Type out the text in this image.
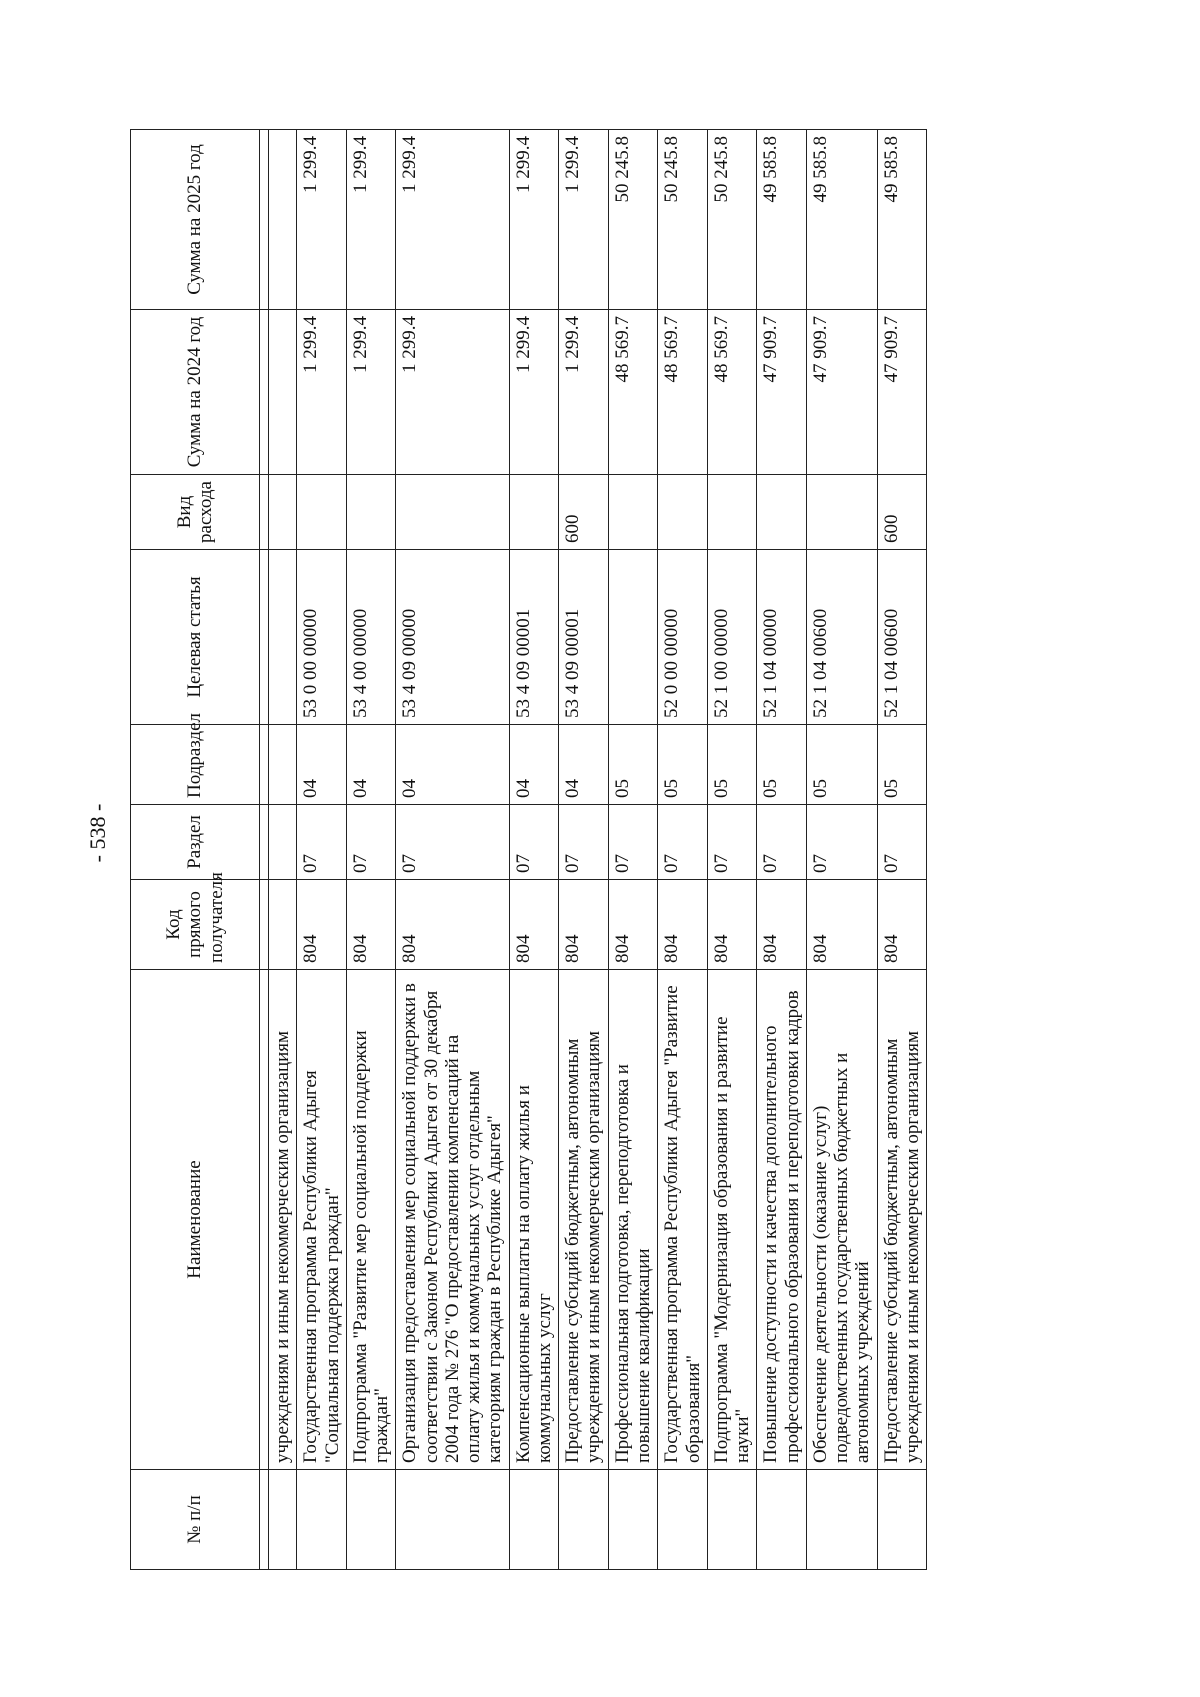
- 538 -
№ п/п	Наименование	Код прямого получателя	Раздел	Подраздел	Целевая статья	Вид расхода	Сумма на 2024 год	Сумма на 2025 год

	учреждениям и иным некоммерческим организациям							
	Государственная программа Республики Адыгея "Социальная поддержка граждан"	804	07	04	53 0 00 00000		1 299.4	1 299.4
	Подпрограмма "Развитие мер социальной поддержки граждан"	804	07	04	53 4 00 00000		1 299.4	1 299.4
	Организация предоставления мер социальной поддержки в соответствии с Законом Республики Адыгея от 30 декабря 2004 года № 276 "О предоставлении компенсаций на оплату жилья и коммунальных услуг отдельным категориям граждан в Республике Адыгея"	804	07	04	53 4 09 00000		1 299.4	1 299.4
	Компенсационные выплаты на оплату жилья и коммунальных услуг	804	07	04	53 4 09 00001		1 299.4	1 299.4
	Предоставление субсидий бюджетным, автономным учреждениям и иным некоммерческим организациям	804	07	04	53 4 09 00001	600	1 299.4	1 299.4
	Профессиональная подготовка, переподготовка и повышение квалификации	804	07	05			48 569.7	50 245.8
	Государственная программа Республики Адыгея "Развитие образования"	804	07	05	52 0 00 00000		48 569.7	50 245.8
	Подпрограмма "Модернизация образования и развитие науки"	804	07	05	52 1 00 00000		48 569.7	50 245.8
	Повышение доступности и качества дополнительного профессионального образования и переподготовки кадров	804	07	05	52 1 04 00000		47 909.7	49 585.8
	Обеспечение деятельности (оказание услуг) подведомственных государственных бюджетных и автономных учреждений	804	07	05	52 1 04 00600		47 909.7	49 585.8
	Предоставление субсидий бюджетным, автономным учреждениям и иным некоммерческим организациям	804	07	05	52 1 04 00600	600	47 909.7	49 585.8
